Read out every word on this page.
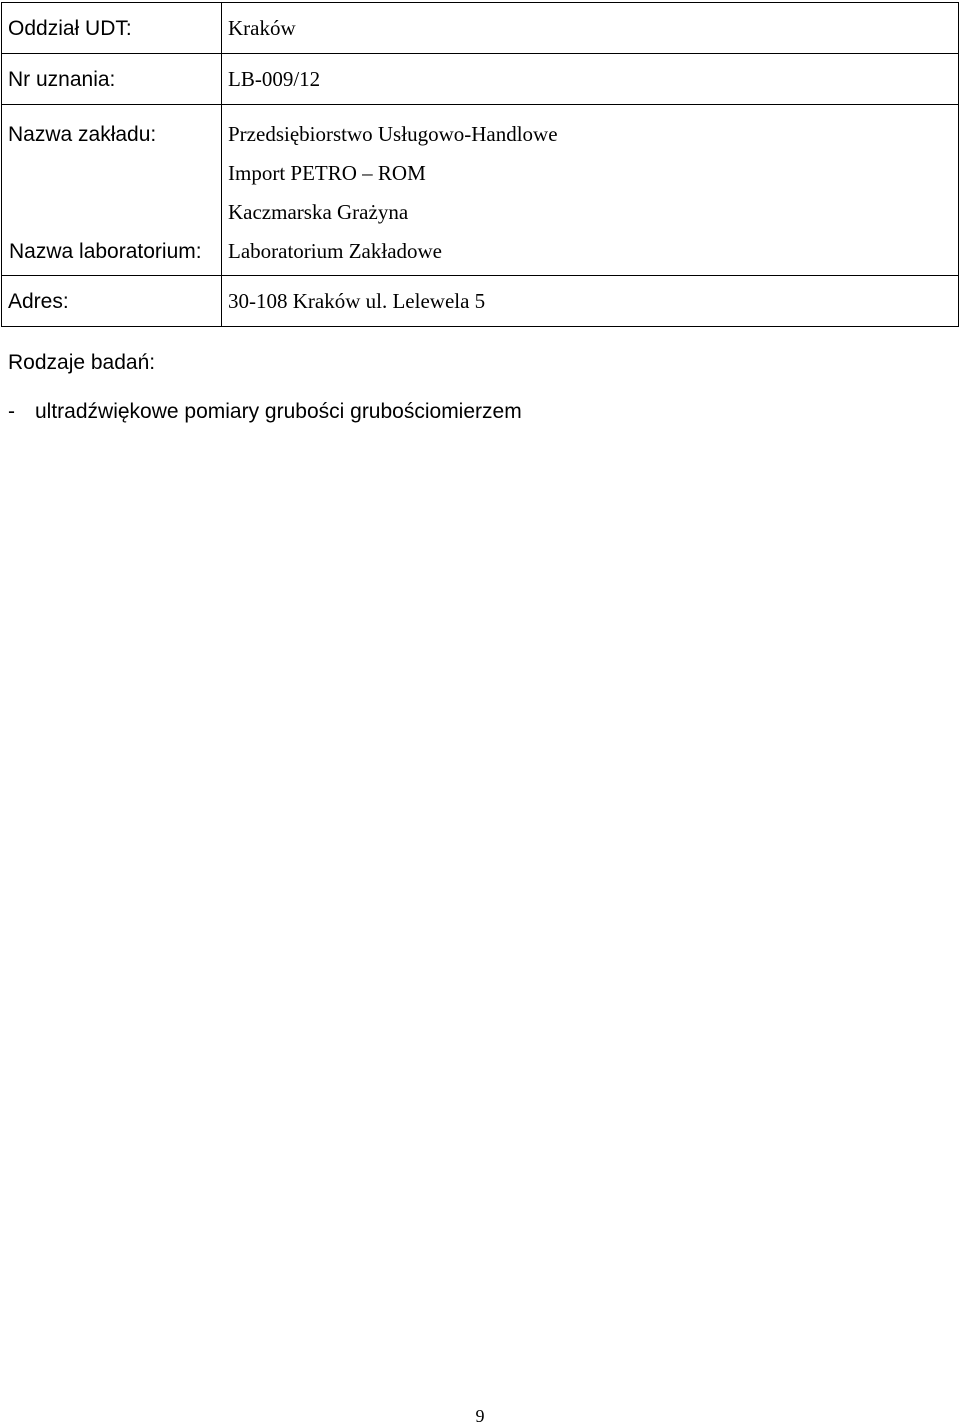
Oddział UDT:	Kraków

Nr uznania:	LB-009/12

Nazwa zakładu:	Przedsiębiorstwo Usługowo-Handlowe
Import PETRO – ROM
Kaczmarska Grażyna
Nazwa laboratorium: Laboratorium Zakładowe

Adres:	30-108 Kraków ul. Lelewela 5
Rodzaje badań:
- ultradźwiękowe pomiary grubości grubościomierzem
9
